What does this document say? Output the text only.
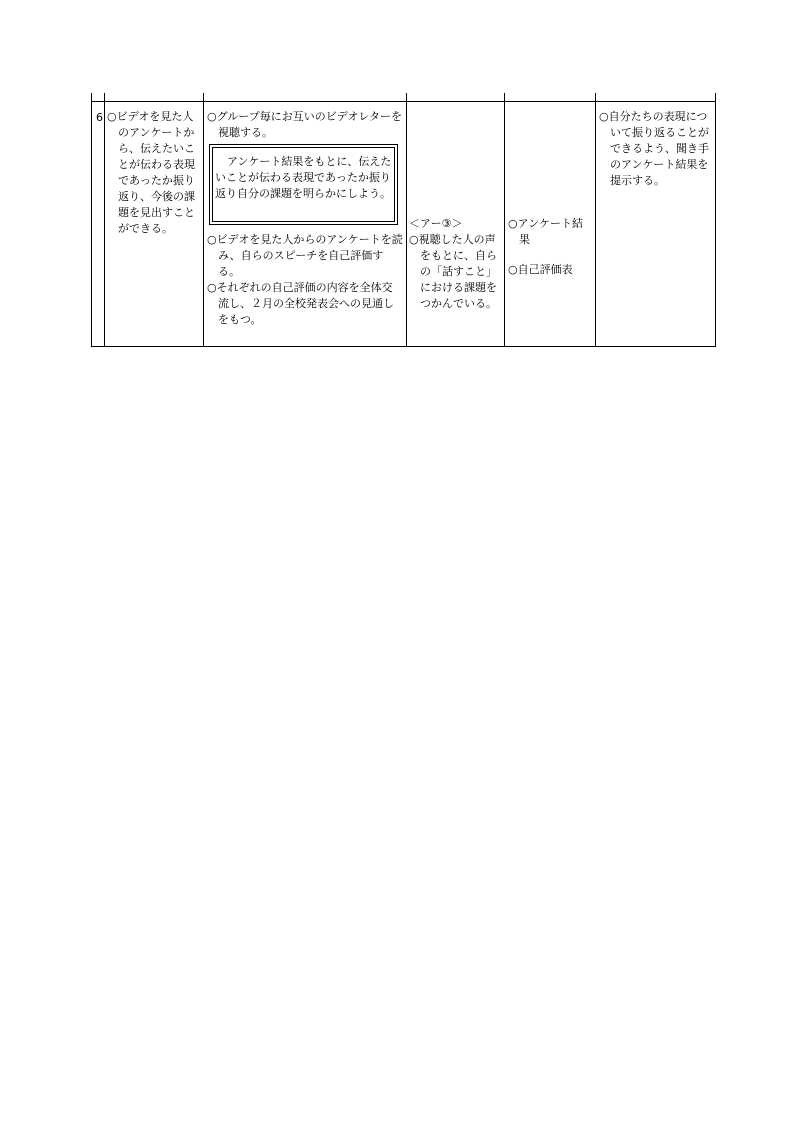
6 ○ビデオを見た人のアンケートから、伝えたいことが伝わる表現であったか振り返り、今後の課題を見出すことができる。

○グループ毎にお互いのビデオレターを視聴する。

アンケート結果をもとに、伝えたいことが伝わる表現であったか振り返り自分の課題を明らかにしよう。

○ビデオを見た人からのアンケートを読み、自らのスピーチを自己評価する。

○それぞれの自己評価の内容を全体交流し、２月の全校発表会への見通しをもつ。

＜アー③＞

○視聴した人の声をもとに、自らの「話すこと」における課題をつかんでいる。

○アンケート結果

○自己評価表

○自分たちの表現について振り返ることができるよう、聞き手のアンケート結果を提示する。
